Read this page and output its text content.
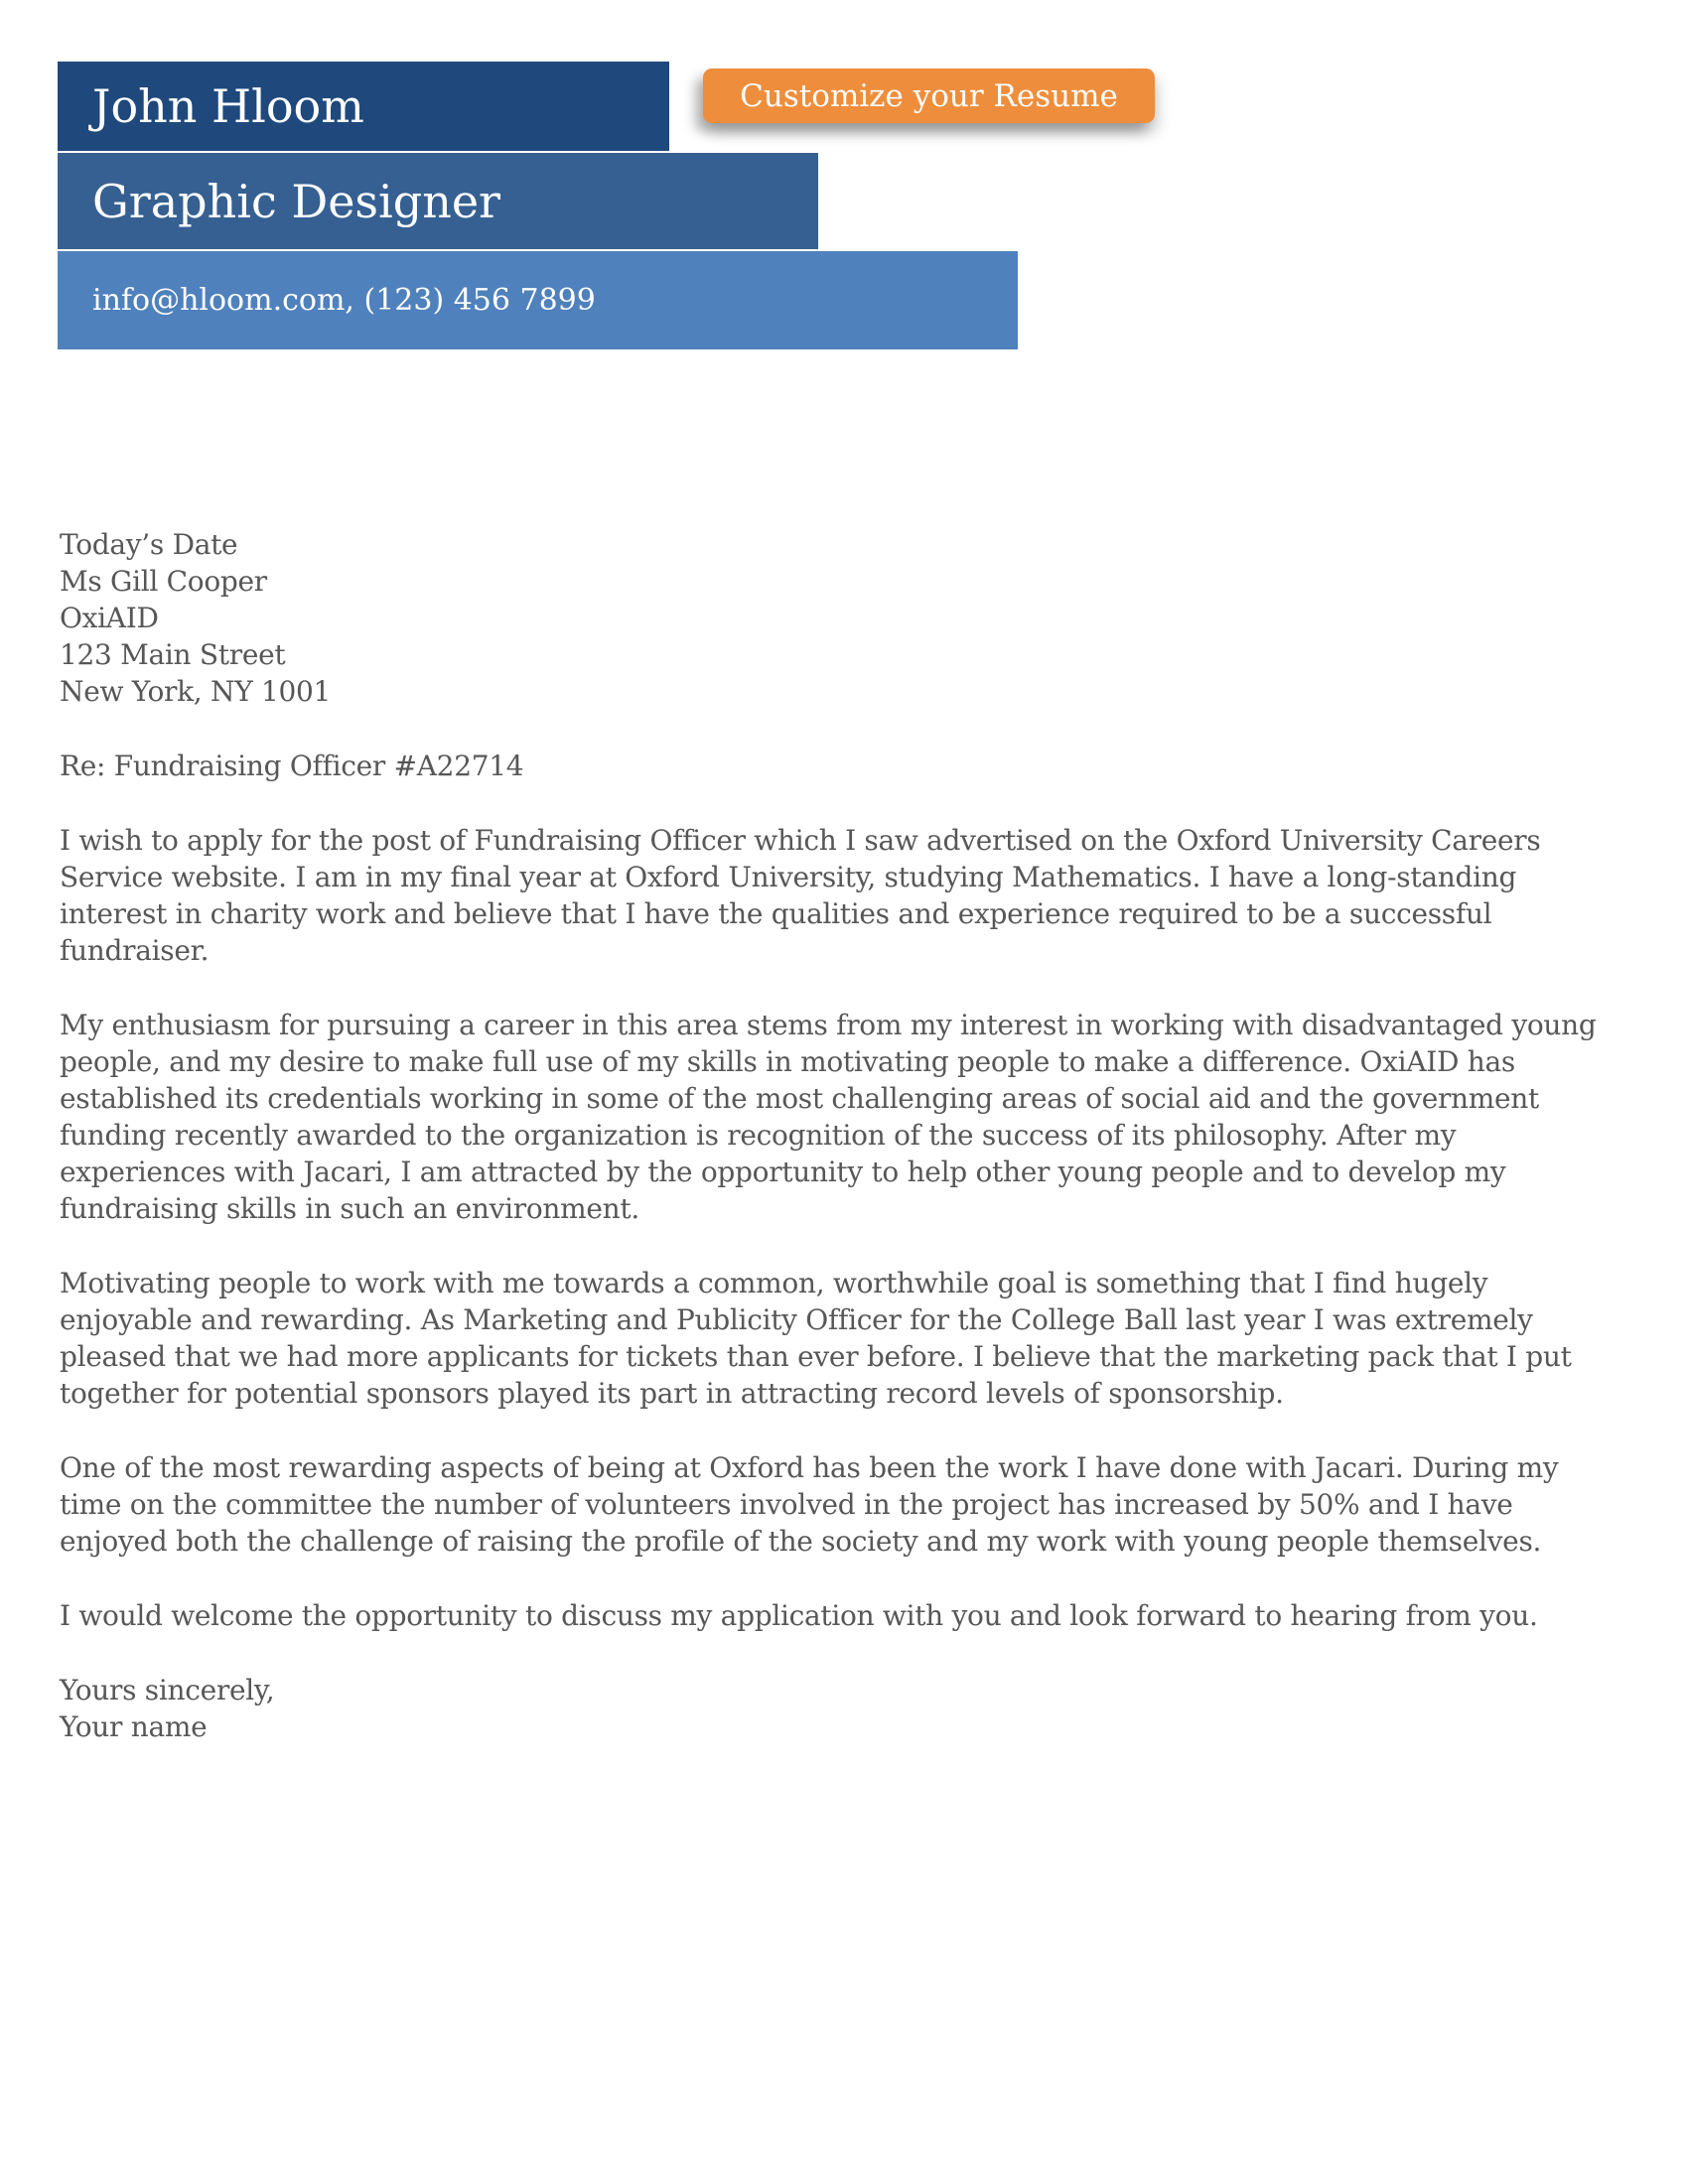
John Hloom
Graphic Designer
info@hloom.com, (123) 456 7899
Customize your Resume
Today’s Date
Ms Gill Cooper
OxiAID
123 Main Street
New York, NY 1001
Re: Fundraising Officer #A22714
I wish to apply for the post of Fundraising Officer which I saw advertised on the Oxford University Careers
Service website. I am in my final year at Oxford University, studying Mathematics. I have a long-standing
interest in charity work and believe that I have the qualities and experience required to be a successful
fundraiser.
My enthusiasm for pursuing a career in this area stems from my interest in working with disadvantaged young
people, and my desire to make full use of my skills in motivating people to make a difference. OxiAID has
established its credentials working in some of the most challenging areas of social aid and the government
funding recently awarded to the organization is recognition of the success of its philosophy. After my
experiences with Jacari, I am attracted by the opportunity to help other young people and to develop my
fundraising skills in such an environment.
Motivating people to work with me towards a common, worthwhile goal is something that I find hugely
enjoyable and rewarding. As Marketing and Publicity Officer for the College Ball last year I was extremely
pleased that we had more applicants for tickets than ever before. I believe that the marketing pack that I put
together for potential sponsors played its part in attracting record levels of sponsorship.
One of the most rewarding aspects of being at Oxford has been the work I have done with Jacari. During my
time on the committee the number of volunteers involved in the project has increased by 50% and I have
enjoyed both the challenge of raising the profile of the society and my work with young people themselves.
I would welcome the opportunity to discuss my application with you and look forward to hearing from you.
Yours sincerely,
Your name
